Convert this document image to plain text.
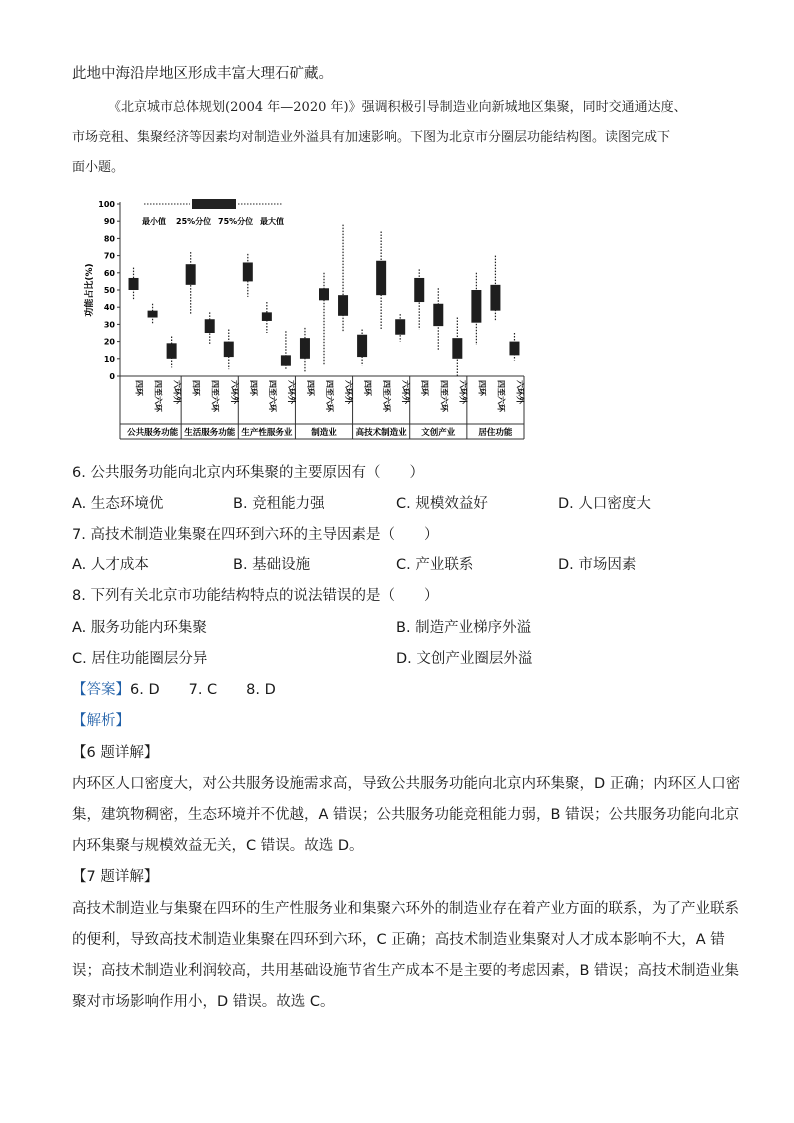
此地中海沿岸地区形成丰富大理石矿藏。
《北京城市总体规划(2004 年—2020 年)》强调积极引导制造业向新城地区集聚，同时交通通达度、
市场竞租、集聚经济等因素均对制造业外溢具有加速影响。下图为北京市分圈层功能结构图。读图完成下
面小题。
0
10
20
30
40
50
60
70
80
90
100
功能占比(%)
最小值 25%分位 75%分位 最大值
公共服务功能
四环 四至六环 六环外
生活服务功能
四环 四至六环 六环外
生产性服务业
四环 四至六环 六环外
制造业
四环 四至六环 六环外
高技术制造业
四环 四至六环 六环外
文创产业
四环 四至六环 六环外
居住功能
四环 四至六环 六环外
6. 公共服务功能向北京内环集聚的主要原因有（　　）
A. 生态环境优	B. 竞租能力强	C. 规模效益好	D. 人口密度大
7. 高技术制造业集聚在四环到六环的主导因素是（　　）
A. 人才成本	B. 基础设施	C. 产业联系	D. 市场因素
8. 下列有关北京市功能结构特点的说法错误的是（　　）
A. 服务功能内环集聚	B. 制造产业梯序外溢
C. 居住功能圈层分异	D. 文创产业圈层外溢
【答案】6. D　　7. C　　8. D
【解析】
【6 题详解】
内环区人口密度大，对公共服务设施需求高，导致公共服务功能向北京内环集聚，D 正确；内环区人口密
集，建筑物稠密，生态环境并不优越，A 错误；公共服务功能竞租能力弱，B 错误；公共服务功能向北京
内环集聚与规模效益无关，C 错误。故选 D。
【7 题详解】
高技术制造业与集聚在四环的生产性服务业和集聚六环外的制造业存在着产业方面的联系，为了产业联系
的便利，导致高技术制造业集聚在四环到六环，C 正确；高技术制造业集聚对人才成本影响不大，A 错
误；高技术制造业利润较高，共用基础设施节省生产成本不是主要的考虑因素，B 错误；高技术制造业集
聚对市场影响作用小，D 错误。故选 C。
